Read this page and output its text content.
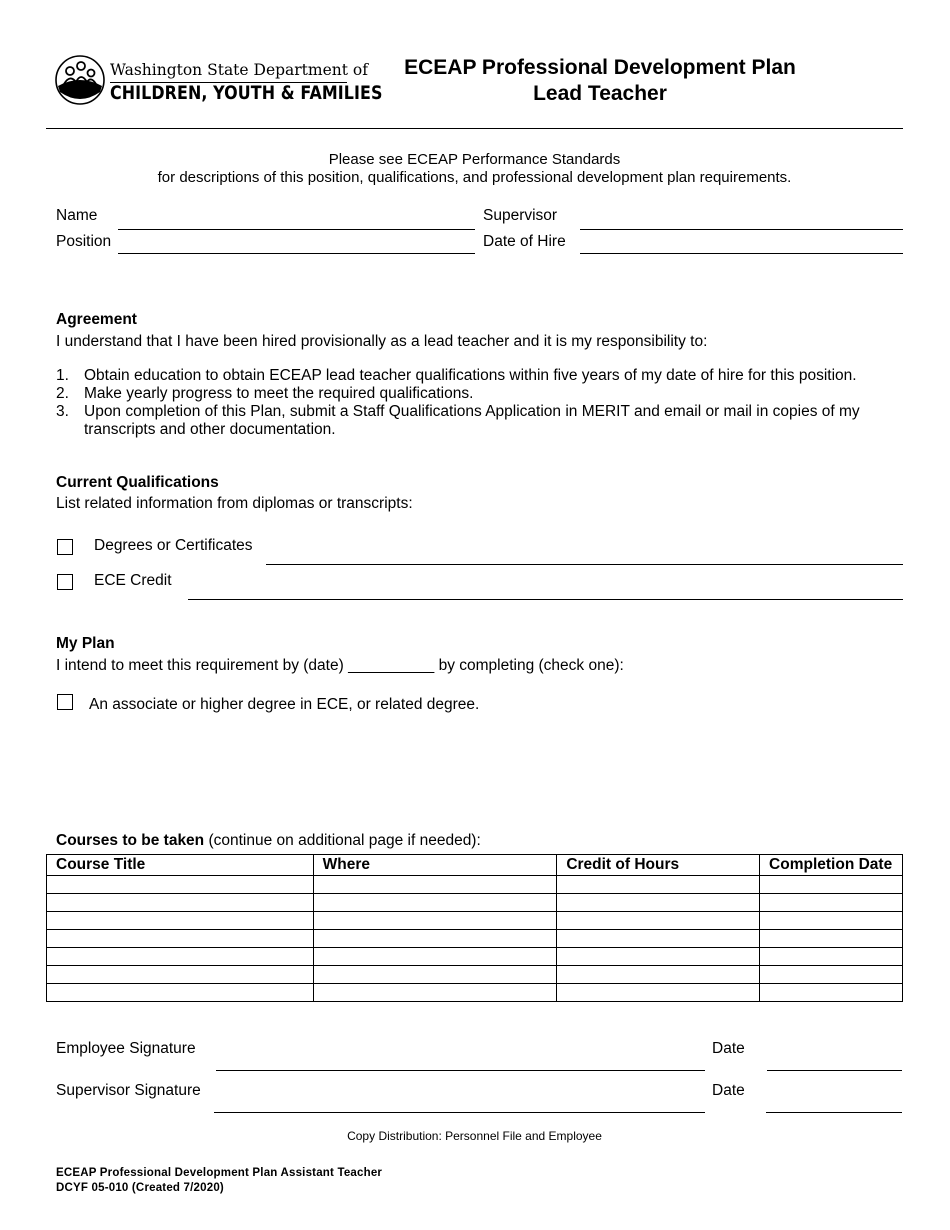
Washington State Department of
CHILDREN, YOUTH & FAMILIES
ECEAP Professional Development Plan
Lead Teacher
Please see ECEAP Performance Standards
for descriptions of this position, qualifications, and professional development plan requirements.
Name
Position
Supervisor
Date of Hire
Agreement
I understand that I have been hired provisionally as a lead teacher and it is my responsibility to:
1. Obtain education to obtain ECEAP lead teacher qualifications within five years of my date of hire for this position.
2. Make yearly progress to meet the required qualifications.
3. Upon completion of this Plan, submit a Staff Qualifications Application in MERIT and email or mail in copies of my transcripts and other documentation.
Current Qualifications
List related information from diplomas or transcripts:
Degrees or Certificates
ECE Credit
My Plan
I intend to meet this requirement by (date) __________ by completing (check one):
An associate or higher degree in ECE, or related degree.
Courses to be taken (continue on additional page if needed):
Course Title	Where	Credit of Hours	Completion Date

Employee Signature	Date
Supervisor Signature	Date
Copy Distribution: Personnel File and Employee
ECEAP Professional Development Plan Assistant Teacher
DCYF 05-010 (Created 7/2020)
